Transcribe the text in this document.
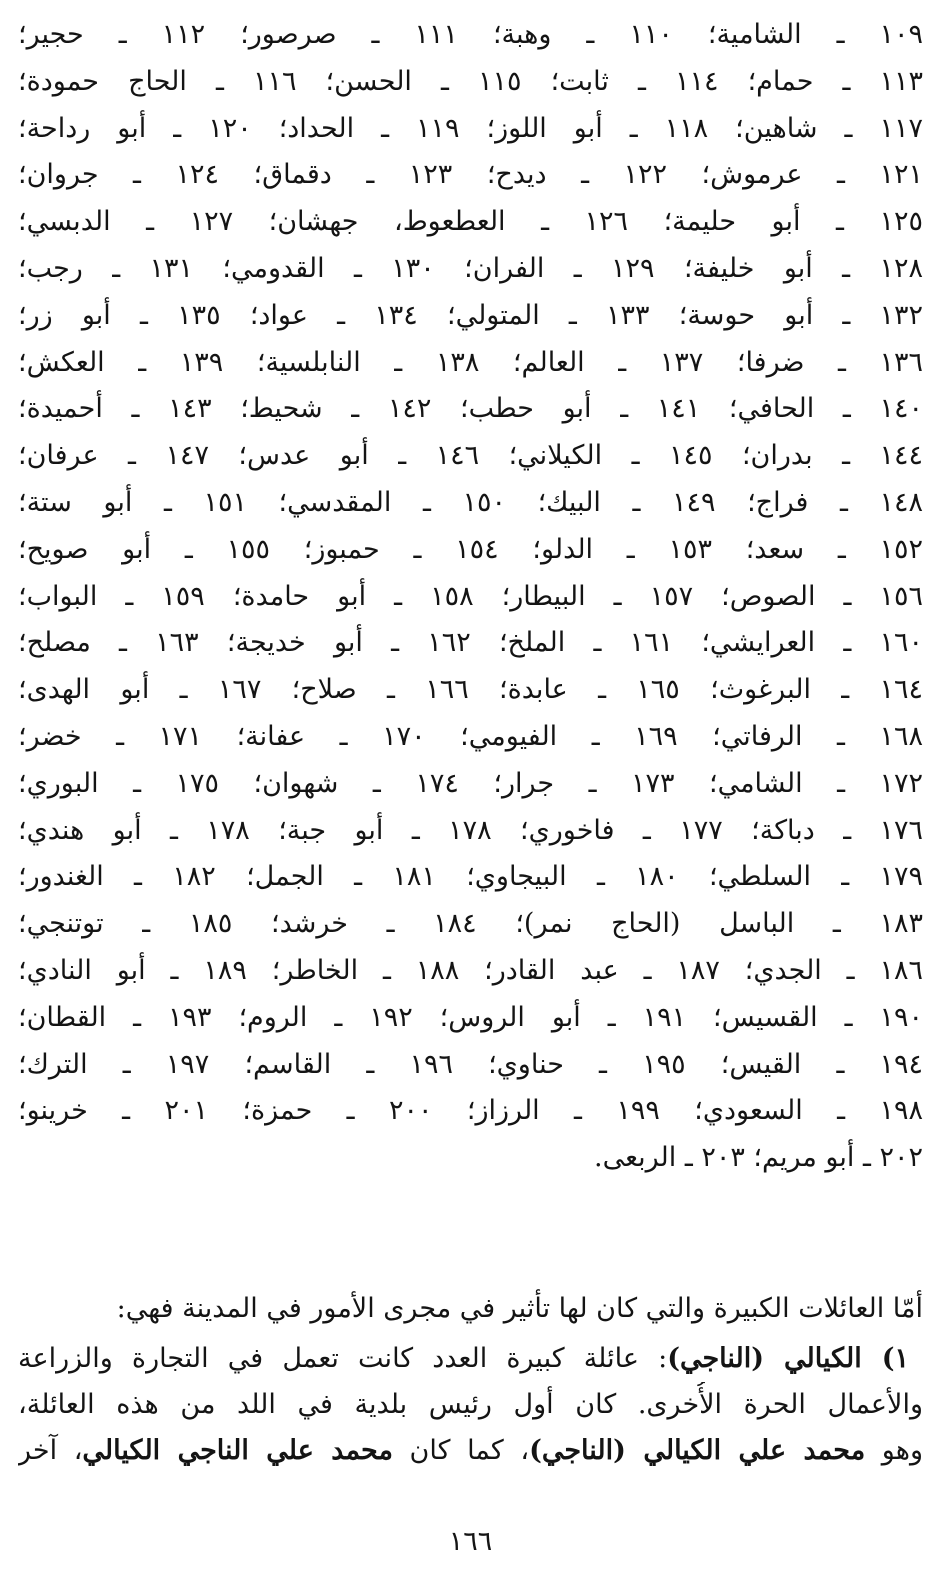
١٠٩ ـ الشامية؛ ١١٠ ـ وهبة؛ ١١١ ـ صرصور؛ ١١٢ ـ حجير؛
١١٣ ـ حمام؛ ١١٤ ـ ثابت؛ ١١٥ ـ الحسن؛ ١١٦ ـ الحاج حمودة؛
١١٧ ـ شاهين؛ ١١٨ ـ أبو اللوز؛ ١١٩ ـ الحداد؛ ١٢٠ ـ أبو رداحة؛
١٢١ ـ عرموش؛ ١٢٢ ـ ديدح؛ ١٢٣ ـ دقماق؛ ١٢٤ ـ جروان؛
١٢٥ ـ أبو حليمة؛ ١٢٦ ـ العطعوط، جهشان؛ ١٢٧ ـ الدبسي؛
١٢٨ ـ أبو خليفة؛ ١٢٩ ـ الفران؛ ١٣٠ ـ القدومي؛ ١٣١ ـ رجب؛
١٣٢ ـ أبو حوسة؛ ١٣٣ ـ المتولي؛ ١٣٤ ـ عواد؛ ١٣٥ ـ أبو زر؛
١٣٦ ـ ضرفا؛ ١٣٧ ـ العالم؛ ١٣٨ ـ النابلسية؛ ١٣٩ ـ العكش؛
١٤٠ ـ الحافي؛ ١٤١ ـ أبو حطب؛ ١٤٢ ـ شحيط؛ ١٤٣ ـ أحميدة؛
١٤٤ ـ بدران؛ ١٤٥ ـ الكيلاني؛ ١٤٦ ـ أبو عدس؛ ١٤٧ ـ عرفان؛
١٤٨ ـ فراج؛ ١٤٩ ـ البيك؛ ١٥٠ ـ المقدسي؛ ١٥١ ـ أبو ستة؛
١٥٢ ـ سعد؛ ١٥٣ ـ الدلو؛ ١٥٤ ـ حمبوز؛ ١٥٥ ـ أبو صويح؛
١٥٦ ـ الصوص؛ ١٥٧ ـ البيطار؛ ١٥٨ ـ أبو حامدة؛ ١٥٩ ـ البواب؛
١٦٠ ـ العرايشي؛ ١٦١ ـ الملخ؛ ١٦٢ ـ أبو خديجة؛ ١٦٣ ـ مصلح؛
١٦٤ ـ البرغوث؛ ١٦٥ ـ عابدة؛ ١٦٦ ـ صلاح؛ ١٦٧ ـ أبو الهدى؛
١٦٨ ـ الرفاتي؛ ١٦٩ ـ الفيومي؛ ١٧٠ ـ عفانة؛ ١٧١ ـ خضر؛
١٧٢ ـ الشامي؛ ١٧٣ ـ جرار؛ ١٧٤ ـ شهوان؛ ١٧٥ ـ البوري؛
١٧٦ ـ دباكة؛ ١٧٧ ـ فاخوري؛ ١٧٨ ـ أبو جبة؛ ١٧٨ ـ أبو هندي؛
١٧٩ ـ السلطي؛ ١٨٠ ـ البيجاوي؛ ١٨١ ـ الجمل؛ ١٨٢ ـ الغندور؛
١٨٣ ـ الباسل (الحاج نمر)؛ ١٨٤ ـ خرشد؛ ١٨٥ ـ توتنجي؛
١٨٦ ـ الجدي؛ ١٨٧ ـ عبد القادر؛ ١٨٨ ـ الخاطر؛ ١٨٩ ـ أبو النادي؛
١٩٠ ـ القسيس؛ ١٩١ ـ أبو الروس؛ ١٩٢ ـ الروم؛ ١٩٣ ـ القطان؛
١٩٤ ـ القيس؛ ١٩٥ ـ حناوي؛ ١٩٦ ـ القاسم؛ ١٩٧ ـ الترك؛
١٩٨ ـ السعودي؛ ١٩٩ ـ الرزاز؛ ٢٠٠ ـ حمزة؛ ٢٠١ ـ خرينو؛
٢٠٢ ـ أبو مريم؛ ٢٠٣ ـ الربعى.
أمّا العائلات الكبيرة والتي كان لها تأثير في مجرى الأمور في المدينة فهي:
١) الكيالي (الناجي): عائلة كبيرة العدد كانت تعمل في التجارة والزراعة
والأعمال الحرة الأُخرى. كان أول رئيس بلدية في اللد من هذه العائلة،
وهو محمد علي الكيالي (الناجي)، كما كان محمد علي الناجي الكيالي، آخر
١٦٦
